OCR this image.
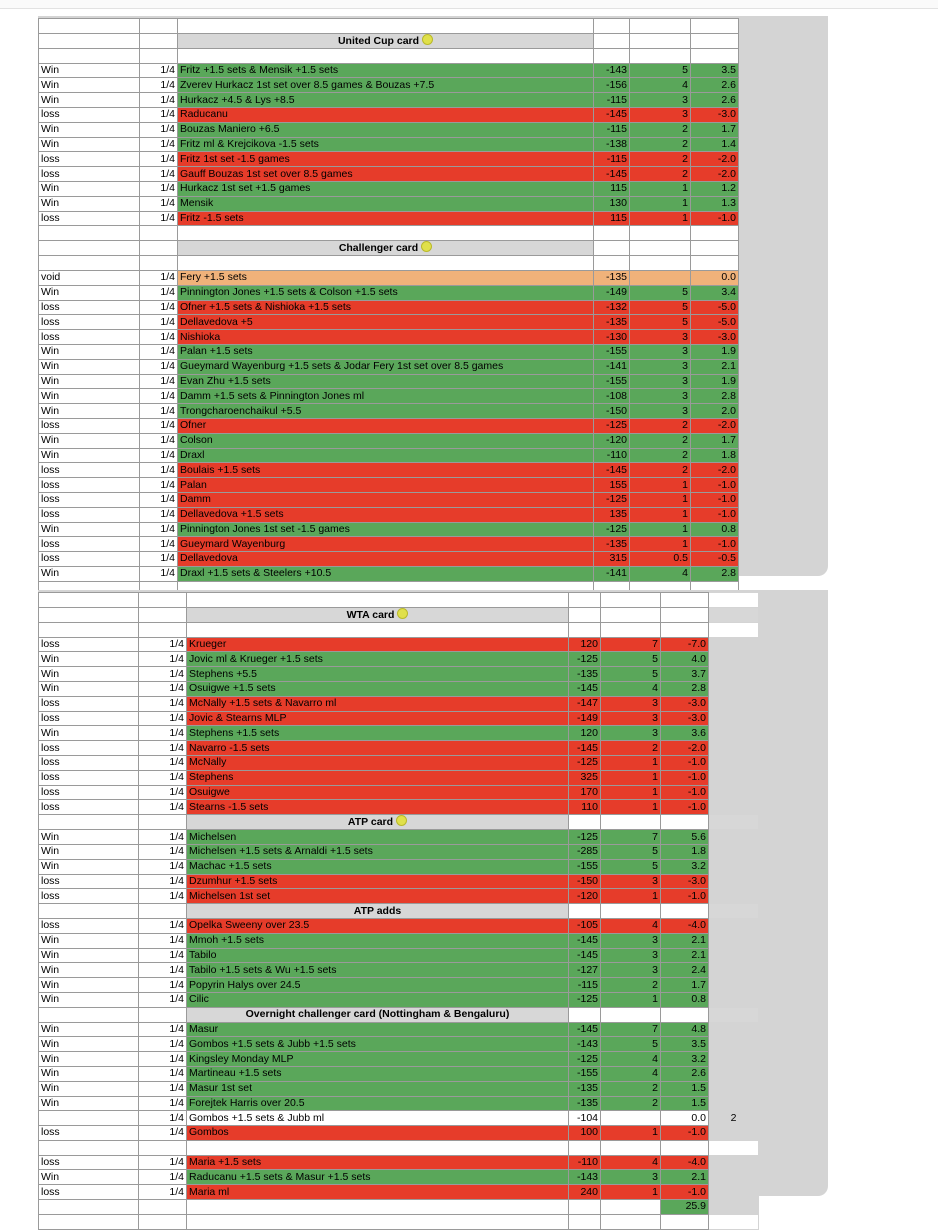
		United Cup card			

Win	1/4	Fritz +1.5 sets & Mensik +1.5 sets	-143	5	3.5
Win	1/4	Zverev Hurkacz 1st set over 8.5 games & Bouzas +7.5	-156	4	2.6
Win	1/4	Hurkacz +4.5 & Lys +8.5	-115	3	2.6
loss	1/4	Raducanu	-145	3	-3.0
Win	1/4	Bouzas Maniero +6.5	-115	2	1.7
Win	1/4	Fritz ml & Krejcikova -1.5 sets	-138	2	1.4
loss	1/4	Fritz 1st set -1.5 games	-115	2	-2.0
loss	1/4	Gauff Bouzas 1st set over 8.5 games	-145	2	-2.0
Win	1/4	Hurkacz 1st set +1.5 games	115	1	1.2
Win	1/4	Mensik	130	1	1.3
loss	1/4	Fritz -1.5 sets	115	1	-1.0

		Challenger card			

void	1/4	Fery +1.5 sets	-135		0.0
Win	1/4	Pinnington Jones +1.5 sets & Colson +1.5 sets	-149	5	3.4
loss	1/4	Ofner +1.5 sets & Nishioka +1.5 sets	-132	5	-5.0
loss	1/4	Dellavedova +5	-135	5	-5.0
loss	1/4	Nishioka	-130	3	-3.0
Win	1/4	Palan +1.5 sets	-155	3	1.9
Win	1/4	Gueymard Wayenburg +1.5 sets & Jodar Fery 1st set over 8.5 games	-141	3	2.1
Win	1/4	Evan Zhu +1.5 sets	-155	3	1.9
Win	1/4	Damm +1.5 sets & Pinnington Jones ml	-108	3	2.8
Win	1/4	Trongcharoenchaikul +5.5	-150	3	2.0
loss	1/4	Ofner	-125	2	-2.0
Win	1/4	Colson	-120	2	1.7
Win	1/4	Draxl	-110	2	1.8
loss	1/4	Boulais +1.5 sets	-145	2	-2.0
loss	1/4	Palan	155	1	-1.0
loss	1/4	Damm	-125	1	-1.0
loss	1/4	Dellavedova +1.5 sets	135	1	-1.0
Win	1/4	Pinnington Jones 1st set -1.5 games	-125	1	0.8
loss	1/4	Gueymard Wayenburg	-135	1	-1.0
loss	1/4	Dellavedova	315	0.5	-0.5
Win	1/4	Draxl +1.5 sets & Steelers +10.5	-141	4	2.8

		WTA card				

loss	1/4	Krueger	120	7	-7.0	
Win	1/4	Jovic ml & Krueger +1.5 sets	-125	5	4.0	
Win	1/4	Stephens +5.5	-135	5	3.7	
Win	1/4	Osuigwe +1.5 sets	-145	4	2.8	
loss	1/4	McNally +1.5 sets & Navarro ml	-147	3	-3.0	
loss	1/4	Jovic & Stearns MLP	-149	3	-3.0	
Win	1/4	Stephens +1.5 sets	120	3	3.6	
loss	1/4	Navarro -1.5 sets	-145	2	-2.0	
loss	1/4	McNally	-125	1	-1.0	
loss	1/4	Stephens	325	1	-1.0	
loss	1/4	Osuigwe	170	1	-1.0	
loss	1/4	Stearns -1.5 sets	110	1	-1.0	
		ATP card				
Win	1/4	Michelsen	-125	7	5.6	
Win	1/4	Michelsen +1.5 sets & Arnaldi +1.5 sets	-285	5	1.8	
Win	1/4	Machac +1.5 sets	-155	5	3.2	
loss	1/4	Dzumhur +1.5 sets	-150	3	-3.0	
loss	1/4	Michelsen 1st set	-120	1	-1.0	
		ATP adds				
loss	1/4	Opelka Sweeny over 23.5	-105	4	-4.0	
Win	1/4	Mmoh +1.5 sets	-145	3	2.1	
Win	1/4	Tabilo	-145	3	2.1	
Win	1/4	Tabilo +1.5 sets & Wu +1.5 sets	-127	3	2.4	
Win	1/4	Popyrin Halys over 24.5	-115	2	1.7	
Win	1/4	Cilic	-125	1	0.8	
		Overnight challenger card (Nottingham & Bengaluru)				
Win	1/4	Masur	-145	7	4.8	
Win	1/4	Gombos +1.5 sets & Jubb +1.5 sets	-143	5	3.5	
Win	1/4	Kingsley Monday MLP	-125	4	3.2	
Win	1/4	Martineau +1.5 sets	-155	4	2.6	
Win	1/4	Masur 1st set	-135	2	1.5	
Win	1/4	Forejtek Harris over 20.5	-135	2	1.5	
	1/4	Gombos +1.5 sets & Jubb ml	-104		0.0	2
loss	1/4	Gombos	100	1	-1.0	

loss	1/4	Maria +1.5 sets	-110	4	-4.0	
Win	1/4	Raducanu +1.5 sets & Masur +1.5 sets	-143	3	2.1	
loss	1/4	Maria ml	240	1	-1.0	
					25.9	
